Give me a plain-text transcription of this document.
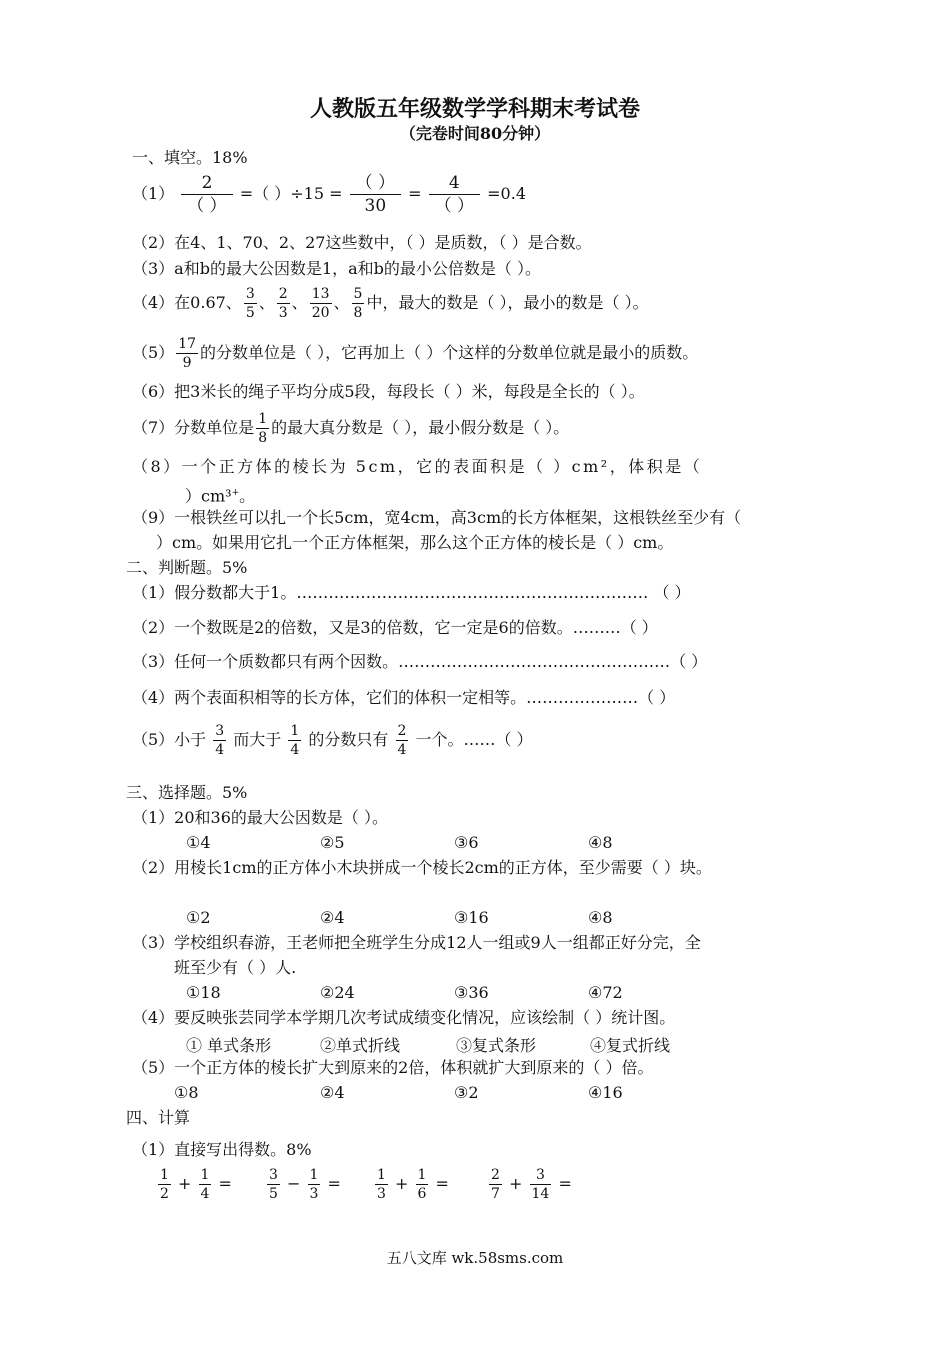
人教版五年级数学学科期末考试卷
（完卷时间80分钟）
一、填空。18%
$(1) \frac{2}{( )}$ =（ ）$\div 15 = \frac{( )}{30} = \frac{4}{( )} =0.4$
（2）在4、1、70、2、27这些数中，（ ）是质数，（ ）是合数。
（3）a和b的最大公因数是1，a和b的最小公倍数是（ ）。
（4）在0.67、 $\frac{3}{5}$ 、 $\frac{2}{3}$ 、 $\frac{13}{20}$ 、 $\frac{5}{8}$ 中，最大的数是（ ），最小的数是（ ）。
$(5) \frac{17}{9}$ 的分数单位是（ ），它再加上（ ）个这样的分数单位就是最小的质数。
（6）把3米长的绳子平均分成5段，每段长（ ）米，每段是全长的（ ）。
（7）分数单位是 $\frac{1}{8}$ 的最大真分数是（ ），最小假分数是（ ）。
（8）一个正方体的棱长为 5cm，它的表面积是（ ）cm²，体积是（
）cm³+。
（9）一根铁丝可以扎一个长5cm，宽4cm，高3cm的长方体框架，这根铁丝至少有（
）cm。如果用它扎一个正方体框架，那么这个正方体的棱长是（ ）cm。
二、判断题。5%
（1）假分数都大于1。………………………………………………………… （ ）
（2）一个数既是2的倍数，又是3的倍数，它一定是6的倍数。………（ ）
（3）任何一个质数都只有两个因数。……………………………………………（ ）
（4）两个表面积相等的长方体，它们的体积一定相等。…………………（ ）
（5）小于 $\frac{3}{4}$ 而大于 $\frac{1}{4}$ 的分数只有 $\frac{2}{4}$ 一个。……（ ）
三、选择题。5%
（1）20和36的最大公因数是（ ）。
①4	②5	③6	④8
（2）用棱长1cm的正方体小木块拼成一个棱长2cm的正方体，至少需要（ ）块。
①2	②4	③16	④8
（3）学校组织春游，王老师把全班学生分成12人一组或9人一组都正好分完，全
班至少有（ ）人.
①18	②24	③36	④72
（4）要反映张芸同学本学期几次考试成绩变化情况，应该绘制（ ）统计图。
① 单式条形	②单式折线	③复式条形	④复式折线
（5）一个正方体的棱长扩大到原来的2倍，体积就扩大到原来的（ ）倍。
①8	②4	③2	④16
四、计算
（1）直接写出得数。8%
$\frac{1}{2} + \frac{1}{4}$ =	$\frac{3}{5} - \frac{1}{3} = \frac{1}{3} + \frac{1}{6}$ =	$\frac{2}{7} + \frac{3}{14}$ =
五八文库 wk.58sms.com
